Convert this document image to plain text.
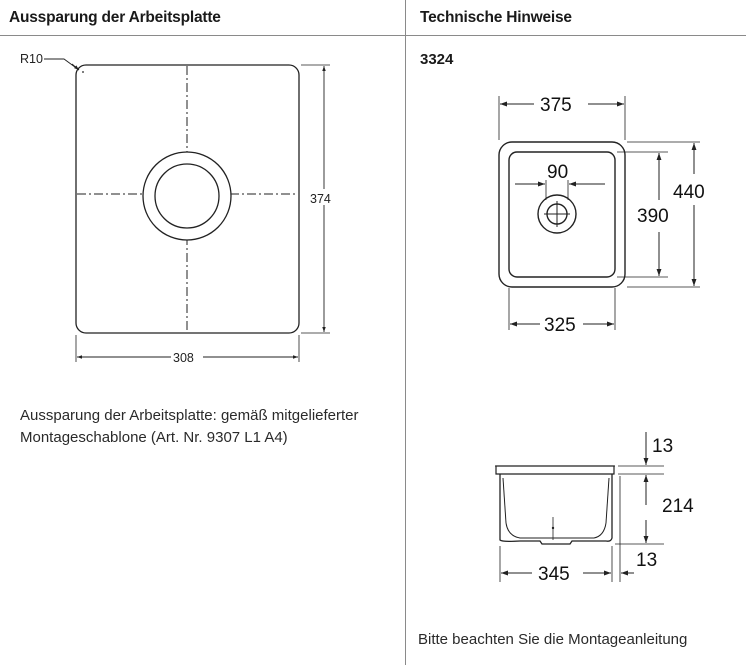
Aussparung der Arbeitsplatte	Technische Hinweise
3324
374
308
R10
375
90
390
440
325
13
214
345
13
Aussparung der Arbeitsplatte: gemäß mitgelieferter
Montageschablone (Art. Nr. 9307 L1 A4)
Bitte beachten Sie die Montageanleitung
